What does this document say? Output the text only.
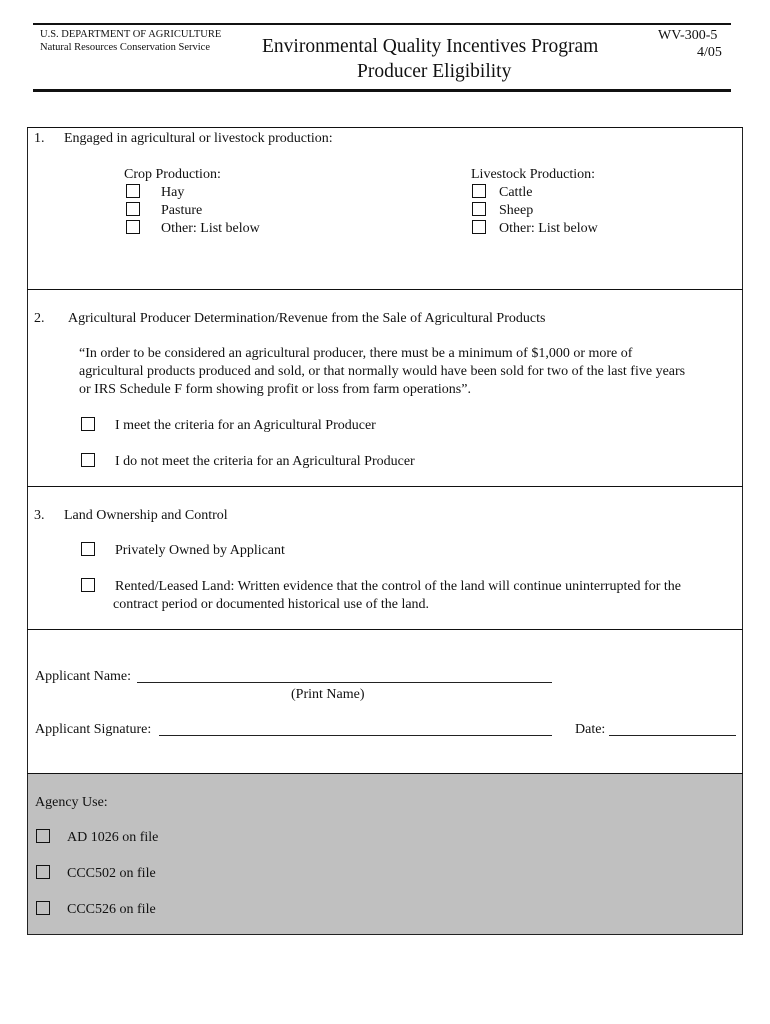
U.S. DEPARTMENT OF AGRICULTURE
Natural Resources Conservation Service	Environmental Quality Incentives Program
Producer Eligibility
WV-300-5
4/05
1. Engaged in agricultural or livestock production:
Crop Production:
Hay
Pasture
Other: List below
Livestock Production:
Cattle
Sheep
Other: List below
2. Agricultural Producer Determination/Revenue from the Sale of Agricultural Products
“In order to be considered an agricultural producer, there must be a minimum of $1,000 or more of
agricultural products produced and sold, or that normally would have been sold for two of the last five years
or IRS Schedule F form showing profit or loss from farm operations”.
I meet the criteria for an Agricultural Producer
I do not meet the criteria for an Agricultural Producer
3. Land Ownership and Control
Privately Owned by Applicant
Rented/Leased Land: Written evidence that the control of the land will continue uninterrupted for the
contract period or documented historical use of the land.
Applicant Name:
(Print Name)
Applicant Signature:	Date:
Agency Use:
AD 1026 on file
CCC502 on file
CCC526 on file
